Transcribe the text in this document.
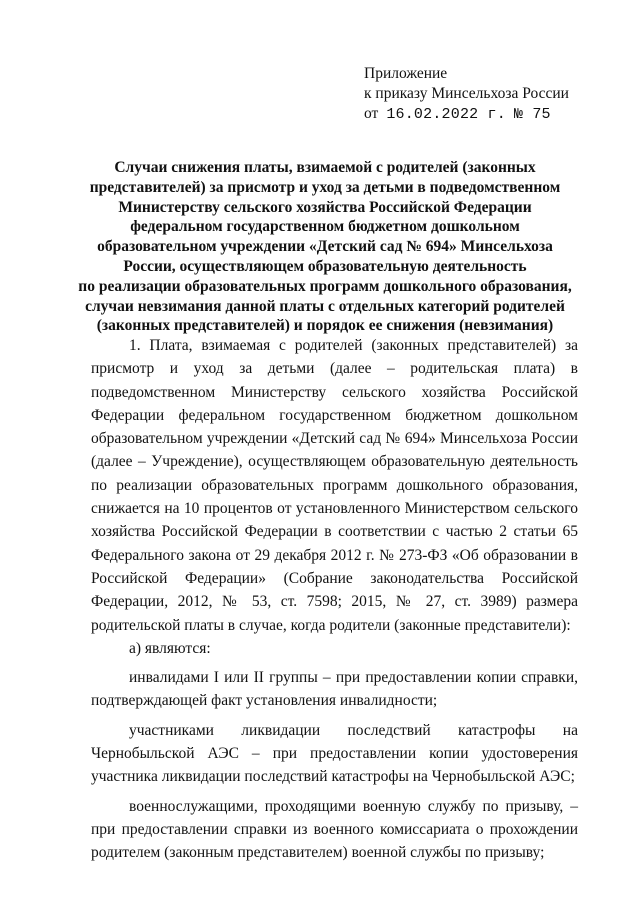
Приложение
к приказу Минсельхоза России
от 16.02.2022 г. № 75
Случаи снижения платы, взимаемой с родителей (законных
представителей) за присмотр и уход за детьми в подведомственном
Министерству сельского хозяйства Российской Федерации
федеральном государственном бюджетном дошкольном
образовательном учреждении «Детский сад № 694» Минсельхоза
России, осуществляющем образовательную деятельность
по реализации образовательных программ дошкольного образования,
случаи невзимания данной платы с отдельных категорий родителей
(законных представителей) и порядок ее снижения (невзимания)

1. Плата, взимаемая с родителей (законных представителей) за присмотр и уход за детьми (далее – родительская плата) в подведомственном Министерству сельского хозяйства Российской Федерации федеральном государственном бюджетном дошкольном образовательном учреждении «Детский сад № 694» Минсельхоза России (далее – Учреждение), осуществляющем образовательную деятельность по реализации образовательных программ дошкольного образования, снижается на 10 процентов от установленного Министерством сельского хозяйства Российской Федерации в соответствии с частью 2 статьи 65 Федерального закона от 29 декабря 2012 г. № 273-ФЗ «Об образовании в Российской Федерации» (Собрание законодательства Российской Федерации, 2012, № 53, ст. 7598; 2015, № 27, ст. 3989) размера родительской платы в случае, когда родители (законные представители):

а) являются:

инвалидами I или II группы – при предоставлении копии справки, подтверждающей факт установления инвалидности;

участниками ликвидации последствий катастрофы на Чернобыльской АЭС – при предоставлении копии удостоверения участника ликвидации последствий катастрофы на Чернобыльской АЭС;

военнослужащими, проходящими военную службу по призыву, – при предоставлении справки из военного комиссариата о прохождении родителем (законным представителем) военной службы по призыву;
